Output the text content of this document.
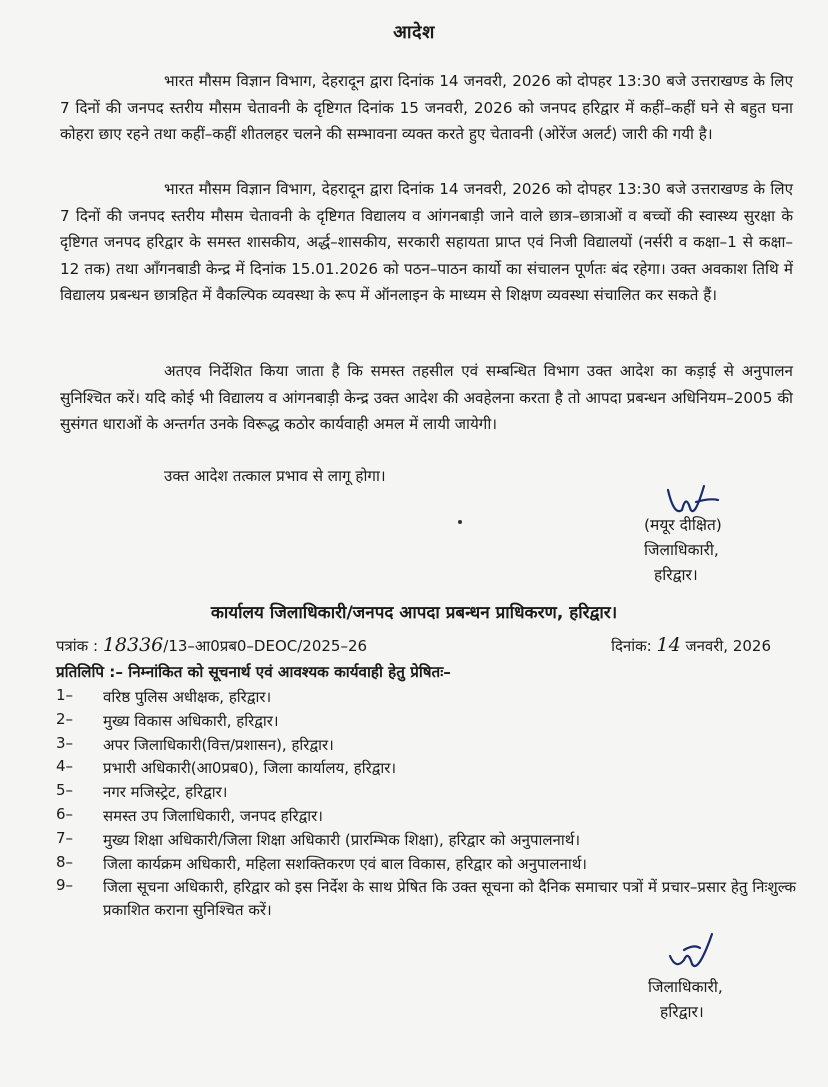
आदेश
भारत मौसम विज्ञान विभाग, देहरादून द्वारा दिनांक 14 जनवरी, 2026 को दोपहर 13:30 बजे उत्तराखण्ड के लिए 7 दिनों की जनपद स्तरीय मौसम चेतावनी के दृष्टिगत दिनांक 15 जनवरी, 2026 को जनपद हरिद्वार में कहीं–कहीं घने से बहुत घना कोहरा छाए रहने तथा कहीं–कहीं शीतलहर चलने की सम्भावना व्यक्त करते हुए चेतावनी (ओरेंज अलर्ट) जारी की गयी है।
भारत मौसम विज्ञान विभाग, देहरादून द्वारा दिनांक 14 जनवरी, 2026 को दोपहर 13:30 बजे उत्तराखण्ड के लिए 7 दिनों की जनपद स्तरीय मौसम चेतावनी के दृष्टिगत विद्यालय व आंगनबाड़ी जाने वाले छात्र–छात्राओं व बच्चों की स्वास्थ्य सुरक्षा के दृष्टिगत जनपद हरिद्वार के समस्त शासकीय, अर्द्ध–शासकीय, सरकारी सहायता प्राप्त एवं निजी विद्यालयों (नर्सरी व कक्षा–1 से कक्षा–12 तक) तथा आँगनबाडी केन्द्र में दिनांक 15.01.2026 को पठन–पाठन कार्यो का संचालन पूर्णतः बंद रहेगा। उक्त अवकाश तिथि में विद्यालय प्रबन्धन छात्रहित में वैकल्पिक व्यवस्था के रूप में ऑनलाइन के माध्यम से शिक्षण व्यवस्था संचालित कर सकते हैं।
अतएव निर्देशित किया जाता है कि समस्त तहसील एवं सम्बन्धित विभाग उक्त आदेश का कड़ाई से अनुपालन सुनिश्चित करें। यदि कोई भी विद्यालय व आंगनबाड़ी केन्द्र उक्त आदेश की अवहेलना करता है तो आपदा प्रबन्धन अधिनियम–2005 की सुसंगत धाराओं के अन्तर्गत उनके विरूद्ध कठोर कार्यवाही अमल में लायी जायेगी।
उक्त आदेश तत्काल प्रभाव से लागू होगा।
(मयूर दीक्षित)
जिलाधिकारी,
हरिद्वार।
कार्यालय जिलाधिकारी/जनपद आपदा प्रबन्धन प्राधिकरण, हरिद्वार।
पत्रांक : 18336/13–आ0प्रब0–DEOC/2025–26	दिनांक: 14 जनवरी, 2026
प्रतिलिपि :– निम्नांकित को सूचनार्थ एवं आवश्यक कार्यवाही हेतु प्रेषितः–
1–	वरिष्ठ पुलिस अधीक्षक, हरिद्वार।
2–	मुख्य विकास अधिकारी, हरिद्वार।
3–	अपर जिलाधिकारी(वित्त/प्रशासन), हरिद्वार।
4–	प्रभारी अधिकारी(आ0प्रब0), जिला कार्यालय, हरिद्वार।
5–	नगर मजिस्ट्रेट, हरिद्वार।
6–	समस्त उप जिलाधिकारी, जनपद हरिद्वार।
7–	मुख्य शिक्षा अधिकारी/जिला शिक्षा अधिकारी (प्रारम्भिक शिक्षा), हरिद्वार को अनुपालनार्थ।
8–	जिला कार्यक्रम अधिकारी, महिला सशक्तिकरण एवं बाल विकास, हरिद्वार को अनुपालनार्थ।
9–	जिला सूचना अधिकारी, हरिद्वार को इस निर्देश के साथ प्रेषित कि उक्त सूचना को दैनिक समाचार पत्रों में प्रचार–प्रसार हेतु निःशुल्क प्रकाशित कराना सुनिश्चित करें।
जिलाधिकारी,
हरिद्वार।
